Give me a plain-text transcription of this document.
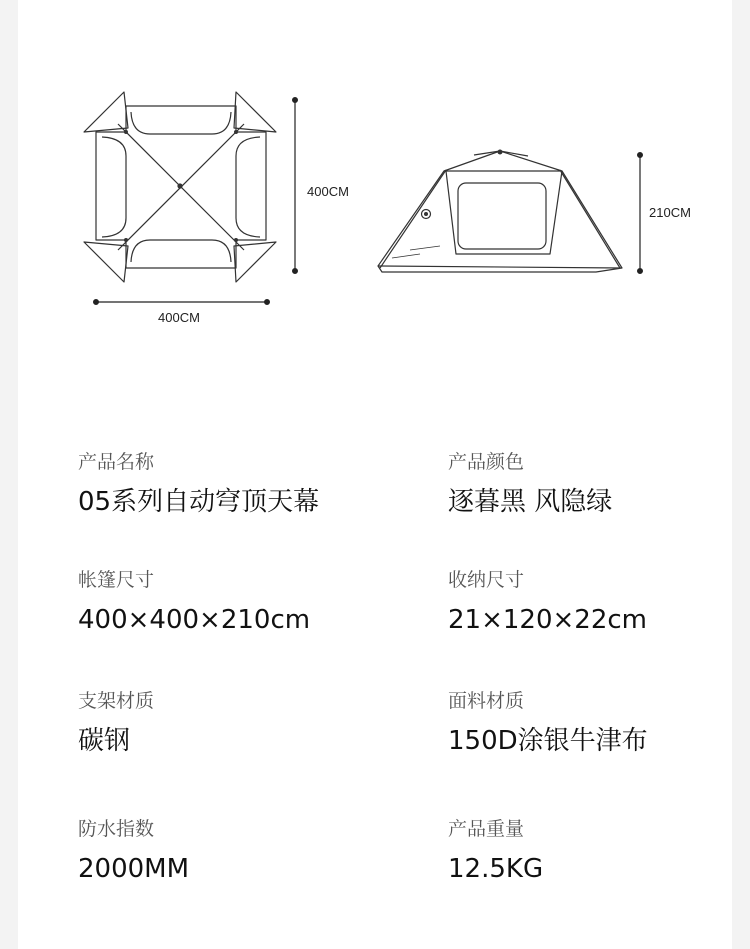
400CM
400CM
210CM
产品名称
05系列自动穹顶天幕
产品颜色
逐暮黑 风隐绿
帐篷尺寸
400×400×210cm
收纳尺寸
21×120×22cm
支架材质
碳钢
面料材质
150D涂银牛津布
防水指数
2000MM
产品重量
12.5KG
